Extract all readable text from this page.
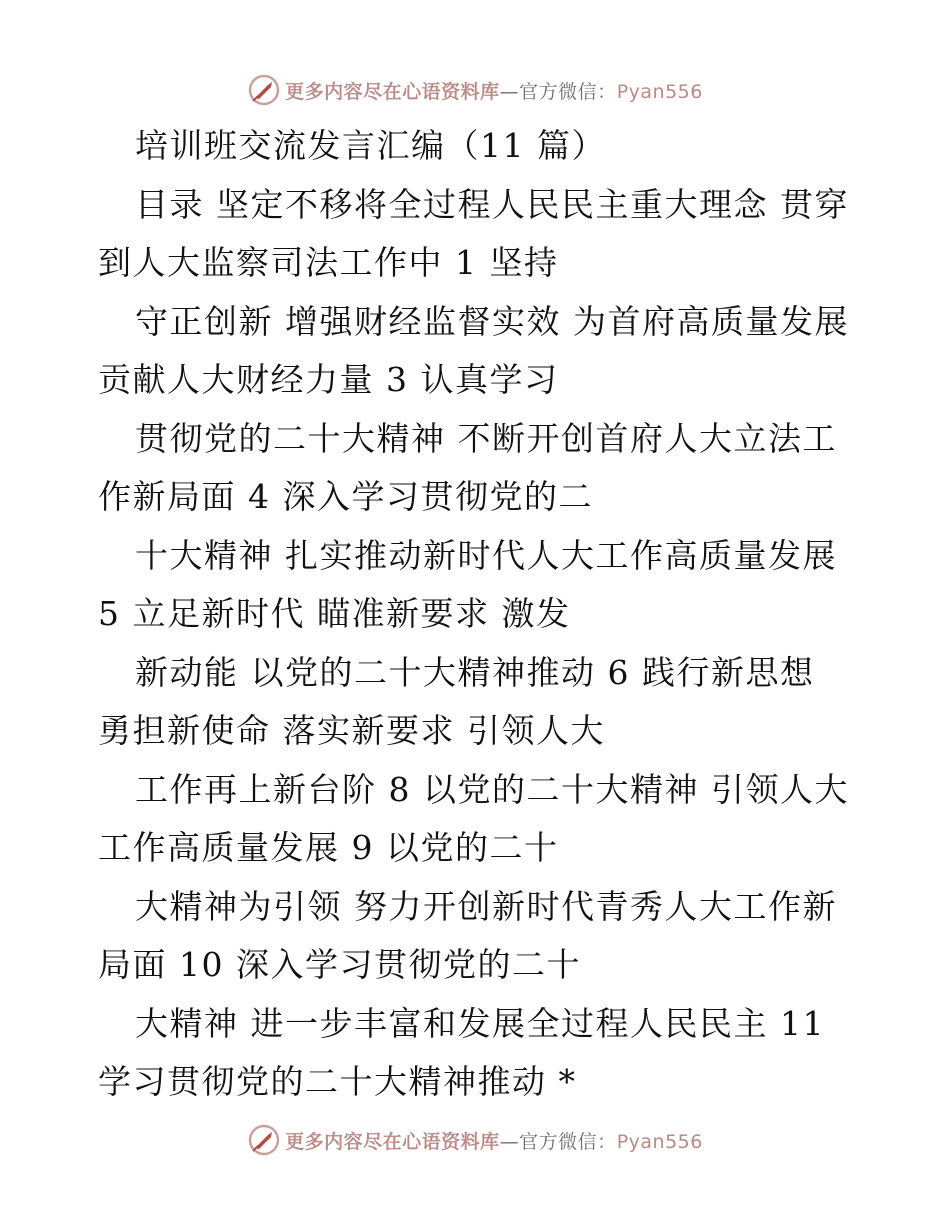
更多内容尽在心语资料库—官方微信：Pyan556
培训班交流发言汇编（11 篇）
目录 坚定不移将全过程人民民主重大理念 贯穿
到人大监察司法工作中 1 坚持
守正创新 增强财经监督实效 为首府高质量发展
贡献人大财经力量 3 认真学习
贯彻党的二十大精神 不断开创首府人大立法工
作新局面 4 深入学习贯彻党的二
十大精神 扎实推动新时代人大工作高质量发展
5 立足新时代 瞄准新要求 激发
新动能 以党的二十大精神推动 6 践行新思想
勇担新使命 落实新要求 引领人大
工作再上新台阶 8 以党的二十大精神 引领人大
工作高质量发展 9 以党的二十
大精神为引领 努力开创新时代青秀人大工作新
局面 10 深入学习贯彻党的二十
大精神 进一步丰富和发展全过程人民民主 11
学习贯彻党的二十大精神推动 *
更多内容尽在心语资料库—官方微信：Pyan556
